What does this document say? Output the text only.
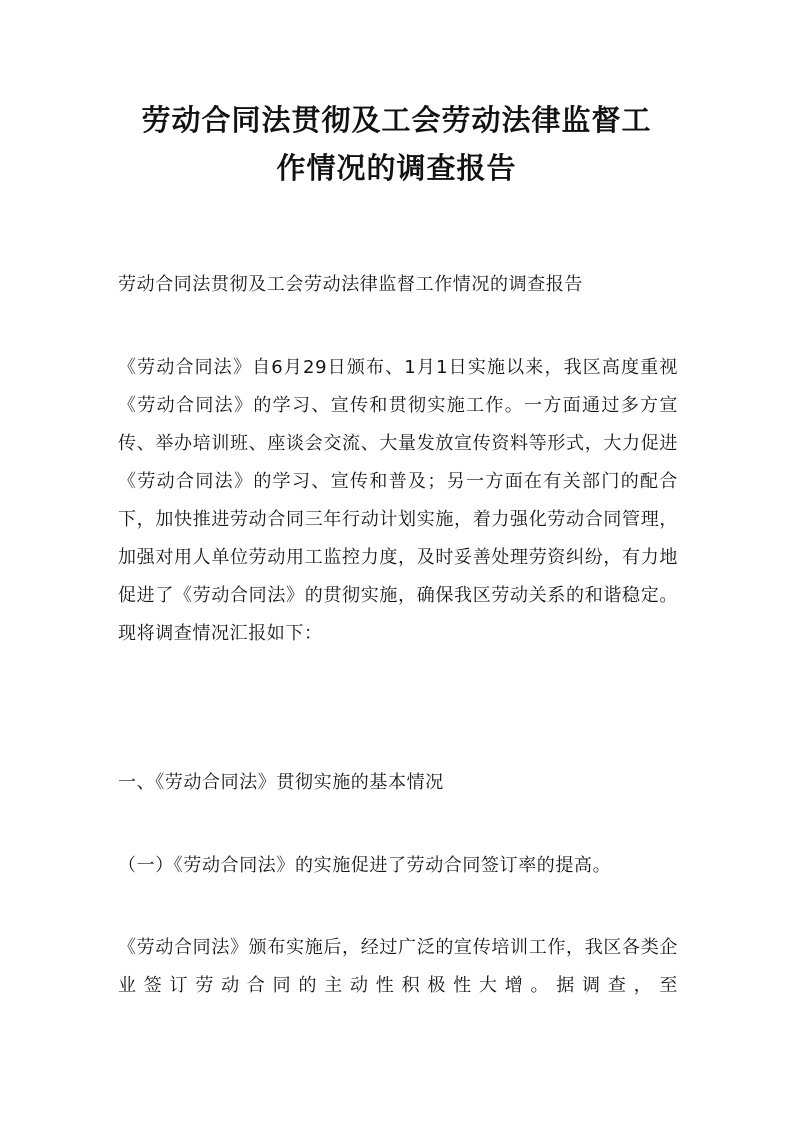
劳动合同法贯彻及工会劳动法律监督工
作情况的调查报告

劳动合同法贯彻及工会劳动法律监督工作情况的调查报告

《劳动合同法》自6月29日颁布、1月1日实施以来，我区高度重视《劳动合同法》的学习、宣传和贯彻实施工作。一方面通过多方宣传、举办培训班、座谈会交流、大量发放宣传资料等形式，大力促进《劳动合同法》的学习、宣传和普及；另一方面在有关部门的配合下，加快推进劳动合同三年行动计划实施，着力强化劳动合同管理，加强对用人单位劳动用工监控力度，及时妥善处理劳资纠纷，有力地促进了《劳动合同法》的贯彻实施，确保我区劳动关系的和谐稳定。现将调查情况汇报如下：

一、《劳动合同法》贯彻实施的基本情况

（一）《劳动合同法》的实施促进了劳动合同签订率的提高。

《劳动合同法》颁布实施后，经过广泛的宣传培训工作，我区各类企业签订劳动合同的主动性积极性大增。据调查，至
